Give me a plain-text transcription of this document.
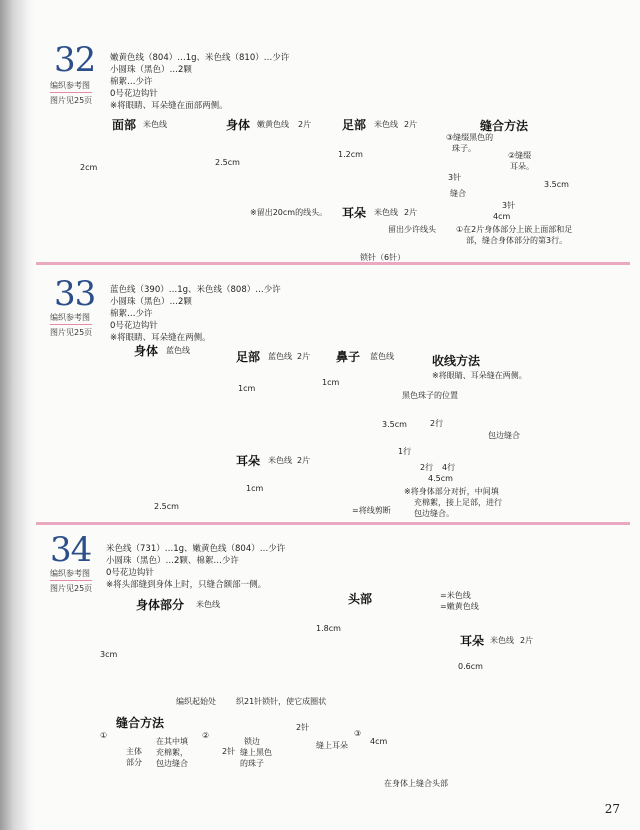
32
编织参考图
图片见25页
嫩黄色线（804）…1g、米色线（810）…少许
小圆珠（黑色）…2颗
棉絮…少许
0号花边钩针
※将眼睛、耳朵缝在面部两侧。
面部 米色线
2cm
× × ×	× ×
×	×
× × ×	× ×
身体 嫩黄色线 2片
2.5cm
※留出20cm的线头。
足部 米色线 2片
1.2cm
耳朵 米色线 2片
留出少许线头
锁针（6针）
缝合方法
③缝缀黑色的
珠子。
②缝缀
耳朵。
3针
缝合
3针
3.5cm
4cm
①在2片身体部分上嵌上面部和足
部，缝合身体部分的第3行。
33
编织参考图
图片见25页
蓝色线（390）…1g、米色线（808）…少许
小圆珠（黑色）…2颗
棉絮…少许
0号花边钩针
※将眼睛、耳朵缝在两侧。
身体 蓝色线
× × × × × × ×
× ×	× ×
× × × × × × ×
2.5cm
足部 蓝色线 2片
1cm
鼻子 蓝色线
1cm
耳朵 米色线 2片
1cm
=将线剪断
收线方法
※将眼睛、耳朵缝在两侧。
黑色珠子的位置
2行
包边缝合
1行
2行 4行
3.5cm
4.5cm
※将身体部分对折，中间填
充棉絮，接上足部，进行
包边缝合。
34
编织参考图
图片见25页
米色线（731）…1g、嫩黄色线（804）…少许
小圆珠（黑色）…2颗、棉絮…少许
0号花边钩针
※将头部缝到身体上时，只缝合额部一侧。
身体部分 米色线
3cm
× × × × × × × × × × × × × × × × × ×
× × × × × × × × × × × × × × × × × ×
× × × × × × × × × × × × × × × × × ×
编织起始处	织21针锁针，使它成圈状
头部	=米色线
=嫩黄色线
1.8cm
耳朵 米色线 2片
0.6cm
缝合方法
①
在其中填
充棉絮，
包边缝合
主体
部分
②
锁边
缝上黑色
的珠子
2针
2针
缝上耳朵
③
4cm
在身体上缝合头部
27
